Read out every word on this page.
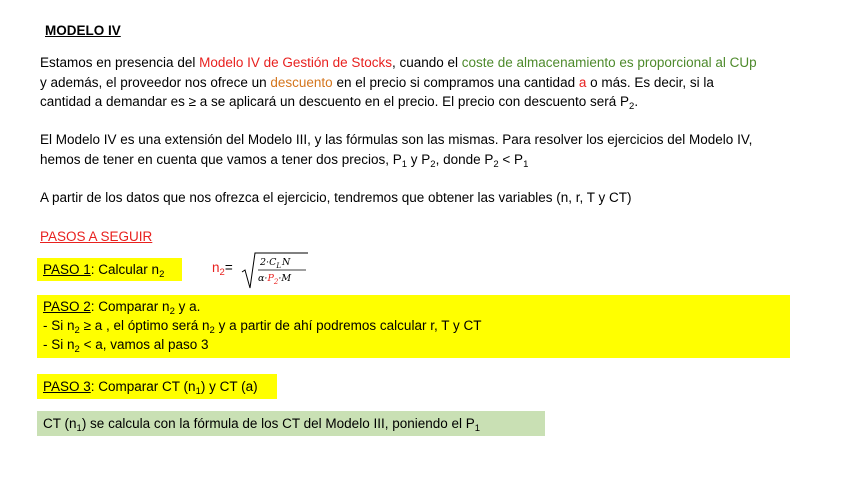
MODELO IV
Estamos en presencia del Modelo IV de Gestión de Stocks, cuando el coste de almacenamiento es proporcional al CUp
y además, el proveedor nos ofrece un descuento en el precio si compramos una cantidad a o más. Es decir, si la
cantidad a demandar es ≥ a se aplicará un descuento en el precio. El precio con descuento será $P_2$.
El Modelo IV es una extensión del Modelo III, y las fórmulas son las mismas. Para resolver los ejercicios del Modelo IV,
hemos de tener en cuenta que vamos a tener dos precios, $P_1$ y $P_2$, donde $P_2 < P_1$
A partir de los datos que nos ofrezca el ejercicio, tendremos que obtener las variables (n, r, T y CT)
PASOS A SEGUIR
PASO 1: Calcular $n_2$	$n_2=$	$2\cdot C_LN$
$\alpha\cdot P_2\cdot M$
PASO 2: Comparar $n_2$ y a.
- Si $n_2 \ge a$ , el óptimo será $n_2$ y a partir de ahí podremos calcular r, T y CT
- Si $n_2 < a$, vamos al paso 3
PASO 3: Comparar CT $(n_1)$ y CT (a)
CT $(n_1)$ se calcula con la fórmula de los CT del Modelo III, poniendo el $P_1$
